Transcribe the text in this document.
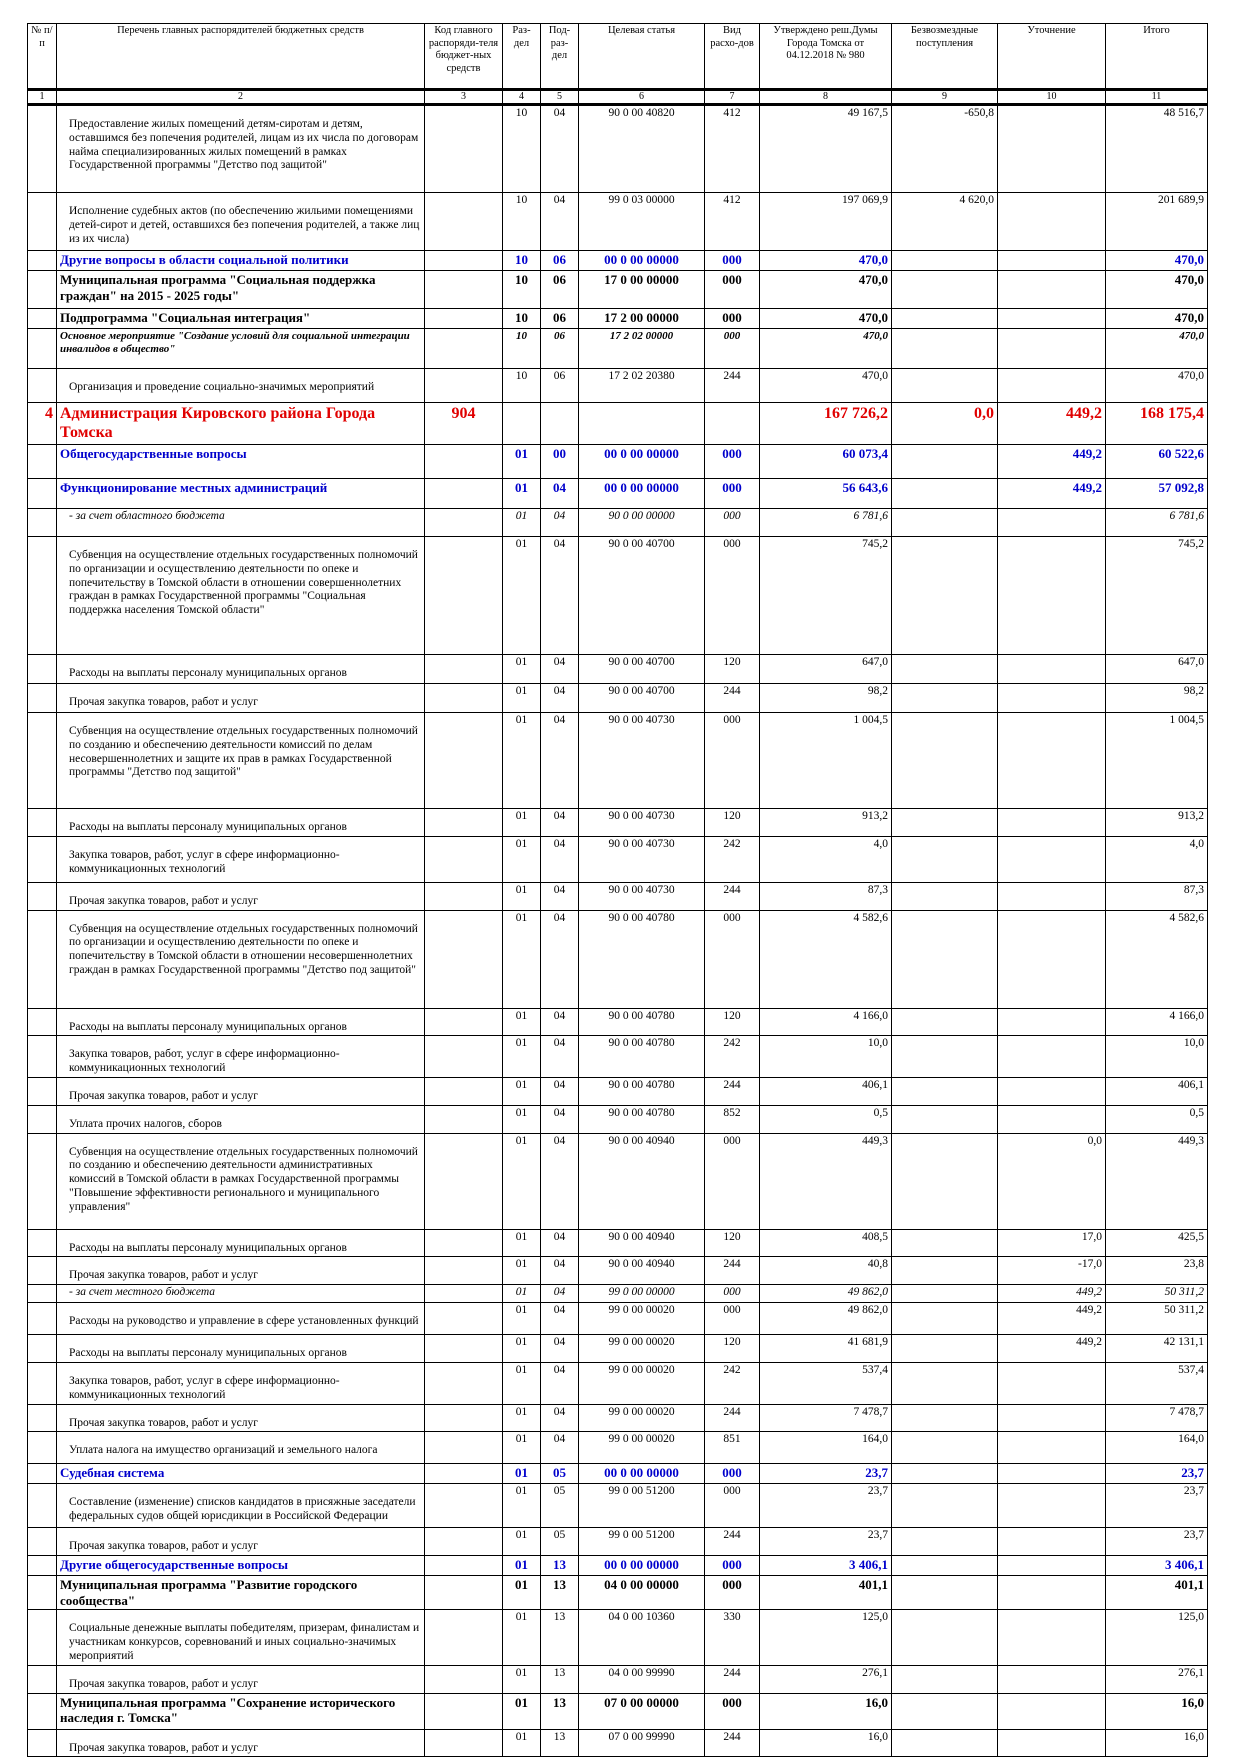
№ п/п	Перечень главных распорядителей бюджетных средств	Код главного распоряди-теля бюджет-ных средств	Раз-дел	Под-раз-дел	Целевая статья	Вид расхо-дов	Утверждено реш.Думы Города Томска от 04.12.2018 № 980	Безвозмездные поступления	Уточнение	Итого
1	2	3	4	5	6	7	8	9	10	11
	Предоставление жилых помещений детям-сиротам и детям, оставшимся без попечения родителей, лицам из их числа по договорам найма специализированных жилых помещений в рамках Государственной программы "Детство под защитой"		10	04	90 0 00 40820	412	49 167,5	-650,8		48 516,7
	Исполнение судебных актов (по обеспечению жильими помещениями детей-сирот и детей, оставшихся без попечения родителей, а также лиц из их числа)		10	04	99 0 03 00000	412	197 069,9	4 620,0		201 689,9
	Другие вопросы в области социальной политики		10	06	00 0 00 00000	000	470,0			470,0
	Муниципальная программа "Социальная поддержка граждан" на 2015 - 2025 годы"		10	06	17 0 00 00000	000	470,0			470,0
	Подпрограмма "Социальная интеграция"		10	06	17 2 00 00000	000	470,0			470,0
	Основное мероприятие "Создание условий для социальной интеграции инвалидов в общество"		10	06	17 2 02 00000	000	470,0			470,0
	Организация и проведение социально-значимых мероприятий		10	06	17 2 02 20380	244	470,0			470,0
4	Администрация Кировского района Города Томска	904					167 726,2	0,0	449,2	168 175,4
	Общегосударственные вопросы		01	00	00 0 00 00000	000	60 073,4		449,2	60 522,6
	Функционирование местных администраций		01	04	00 0 00 00000	000	56 643,6		449,2	57 092,8
	- за счет областного бюджета		01	04	90 0 00 00000	000	6 781,6			6 781,6
	Субвенция на осуществление отдельных государственных полномочий по организации и осуществлению деятельности по опеке и попечительству в Томской области в отношении совершеннолетних граждан в рамках Государственной программы "Социальная поддержка населения Томской области"		01	04	90 0 00 40700	000	745,2			745,2
	Расходы на выплаты персоналу муниципальных органов		01	04	90 0 00 40700	120	647,0			647,0
	Прочая закупка товаров, работ и услуг		01	04	90 0 00 40700	244	98,2			98,2
	Субвенция на осуществление отдельных государственных полномочий по созданию и обеспечению деятельности комиссий по делам несовершеннолетних и защите их прав в рамках Государственной программы "Детство под защитой"		01	04	90 0 00 40730	000	1 004,5			1 004,5
	Расходы на выплаты персоналу муниципальных органов		01	04	90 0 00 40730	120	913,2			913,2
	Закупка товаров, работ, услуг в сфере информационно-коммуникационных технологий		01	04	90 0 00 40730	242	4,0			4,0
	Прочая закупка товаров, работ и услуг		01	04	90 0 00 40730	244	87,3			87,3
	Субвенция на осуществление отдельных государственных полномочий по организации и осуществлению деятельности по опеке и попечительству в Томской области в отношении несовершеннолетних граждан в рамках Государственной программы "Детство под защитой"		01	04	90 0 00 40780	000	4 582,6			4 582,6
	Расходы на выплаты персоналу муниципальных органов		01	04	90 0 00 40780	120	4 166,0			4 166,0
	Закупка товаров, работ, услуг в сфере информационно-коммуникационных технологий		01	04	90 0 00 40780	242	10,0			10,0
	Прочая закупка товаров, работ и услуг		01	04	90 0 00 40780	244	406,1			406,1
	Уплата прочих налогов, сборов		01	04	90 0 00 40780	852	0,5			0,5
	Субвенция на осуществление отдельных государственных полномочий по созданию и обеспечению деятельности административных комиссий в Томской области в рамках Государственной программы "Повышение эффективности регионального и муниципального управления"		01	04	90 0 00 40940	000	449,3		0,0	449,3
	Расходы на выплаты персоналу муниципальных органов		01	04	90 0 00 40940	120	408,5		17,0	425,5
	Прочая закупка товаров, работ и услуг		01	04	90 0 00 40940	244	40,8		-17,0	23,8
	- за счет местного бюджета		01	04	99 0 00 00000	000	49 862,0		449,2	50 311,2
	Расходы на руководство и управление в сфере установленных функций		01	04	99 0 00 00020	000	49 862,0		449,2	50 311,2
	Расходы на выплаты персоналу муниципальных органов		01	04	99 0 00 00020	120	41 681,9		449,2	42 131,1
	Закупка товаров, работ, услуг в сфере информационно-коммуникационных технологий		01	04	99 0 00 00020	242	537,4			537,4
	Прочая закупка товаров, работ и услуг		01	04	99 0 00 00020	244	7 478,7			7 478,7
	Уплата налога на имущество организаций и земельного налога		01	04	99 0 00 00020	851	164,0			164,0
	Судебная система		01	05	00 0 00 00000	000	23,7			23,7
	Составление (изменение) списков кандидатов в присяжные заседатели федеральных судов общей юрисдикции в Российской Федерации		01	05	99 0 00 51200	000	23,7			23,7
	Прочая закупка товаров, работ и услуг		01	05	99 0 00 51200	244	23,7			23,7
	Другие общегосударственные вопросы		01	13	00 0 00 00000	000	3 406,1			3 406,1
	Муниципальная программа "Развитие городского сообщества"		01	13	04 0 00 00000	000	401,1			401,1
	Социальные денежные выплаты победителям, призерам, финалистам и участникам конкурсов, соревнований и иных социально-значимых мероприятий		01	13	04 0 00 10360	330	125,0			125,0
	Прочая закупка товаров, работ и услуг		01	13	04 0 00 99990	244	276,1			276,1
	Муниципальная программа "Сохранение исторического наследия г. Томска"		01	13	07 0 00 00000	000	16,0			16,0
	Прочая закупка товаров, работ и услуг		01	13	07 0 00 99990	244	16,0			16,0
